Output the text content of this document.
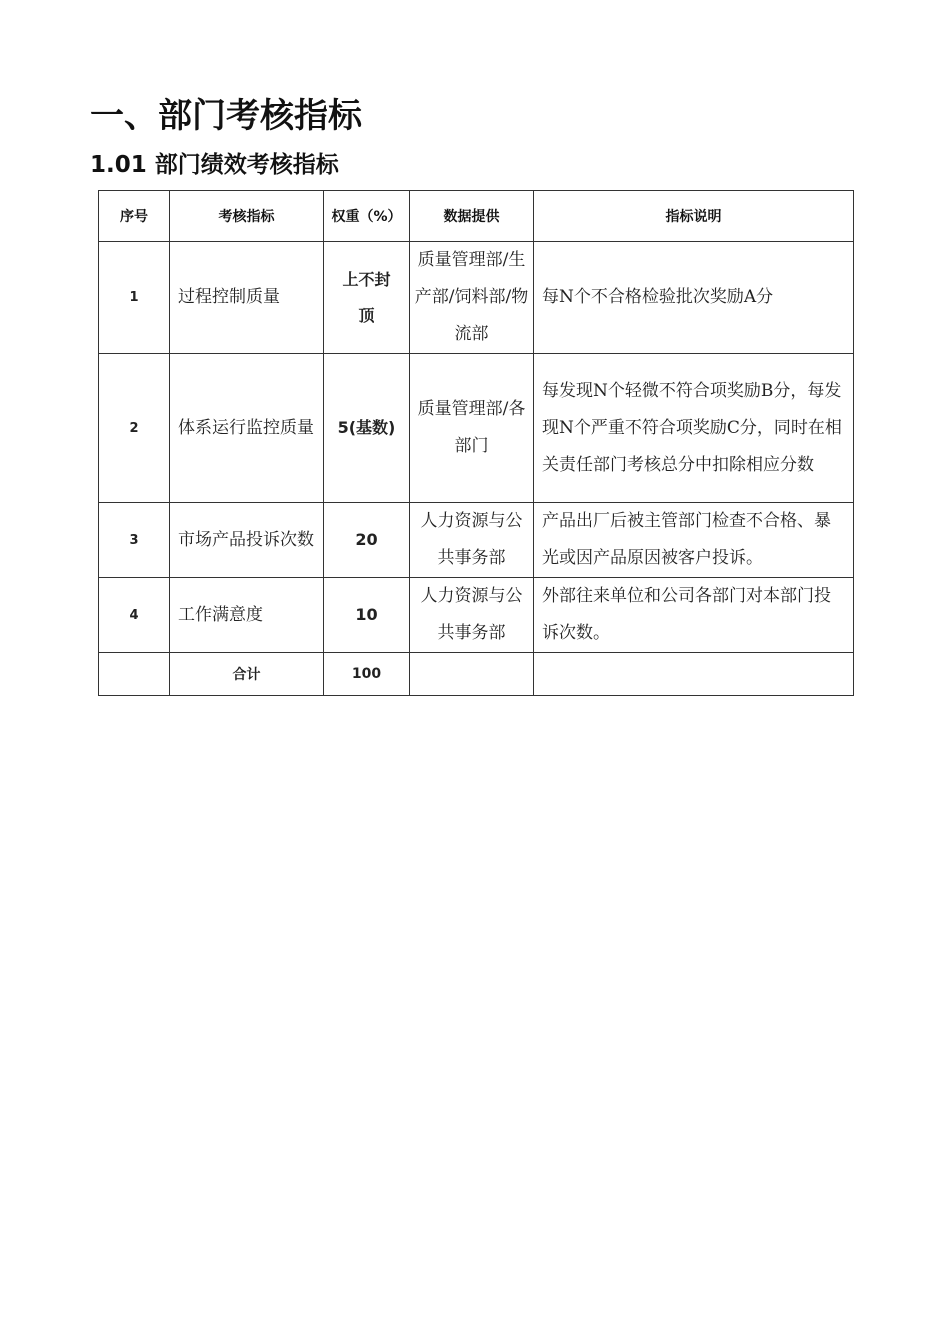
一、部门考核指标
1.01 部门绩效考核指标
序号	考核指标	权重（%）	数据提供	指标说明
1	过程控制质量	上不封顶	质量管理部/生产部/饲料部/物流部	每N个不合格检验批次奖励A分
2	体系运行监控质量	5(基数)	质量管理部/各部门	每发现N个轻微不符合项奖励B分，每发现N个严重不符合项奖励C分，同时在相关责任部门考核总分中扣除相应分数
3	市场产品投诉次数	20	人力资源与公共事务部	产品出厂后被主管部门检查不合格、暴光或因产品原因被客户投诉。
4	工作满意度	10	人力资源与公共事务部	外部往来单位和公司各部门对本部门投诉次数。
	合计	100		
